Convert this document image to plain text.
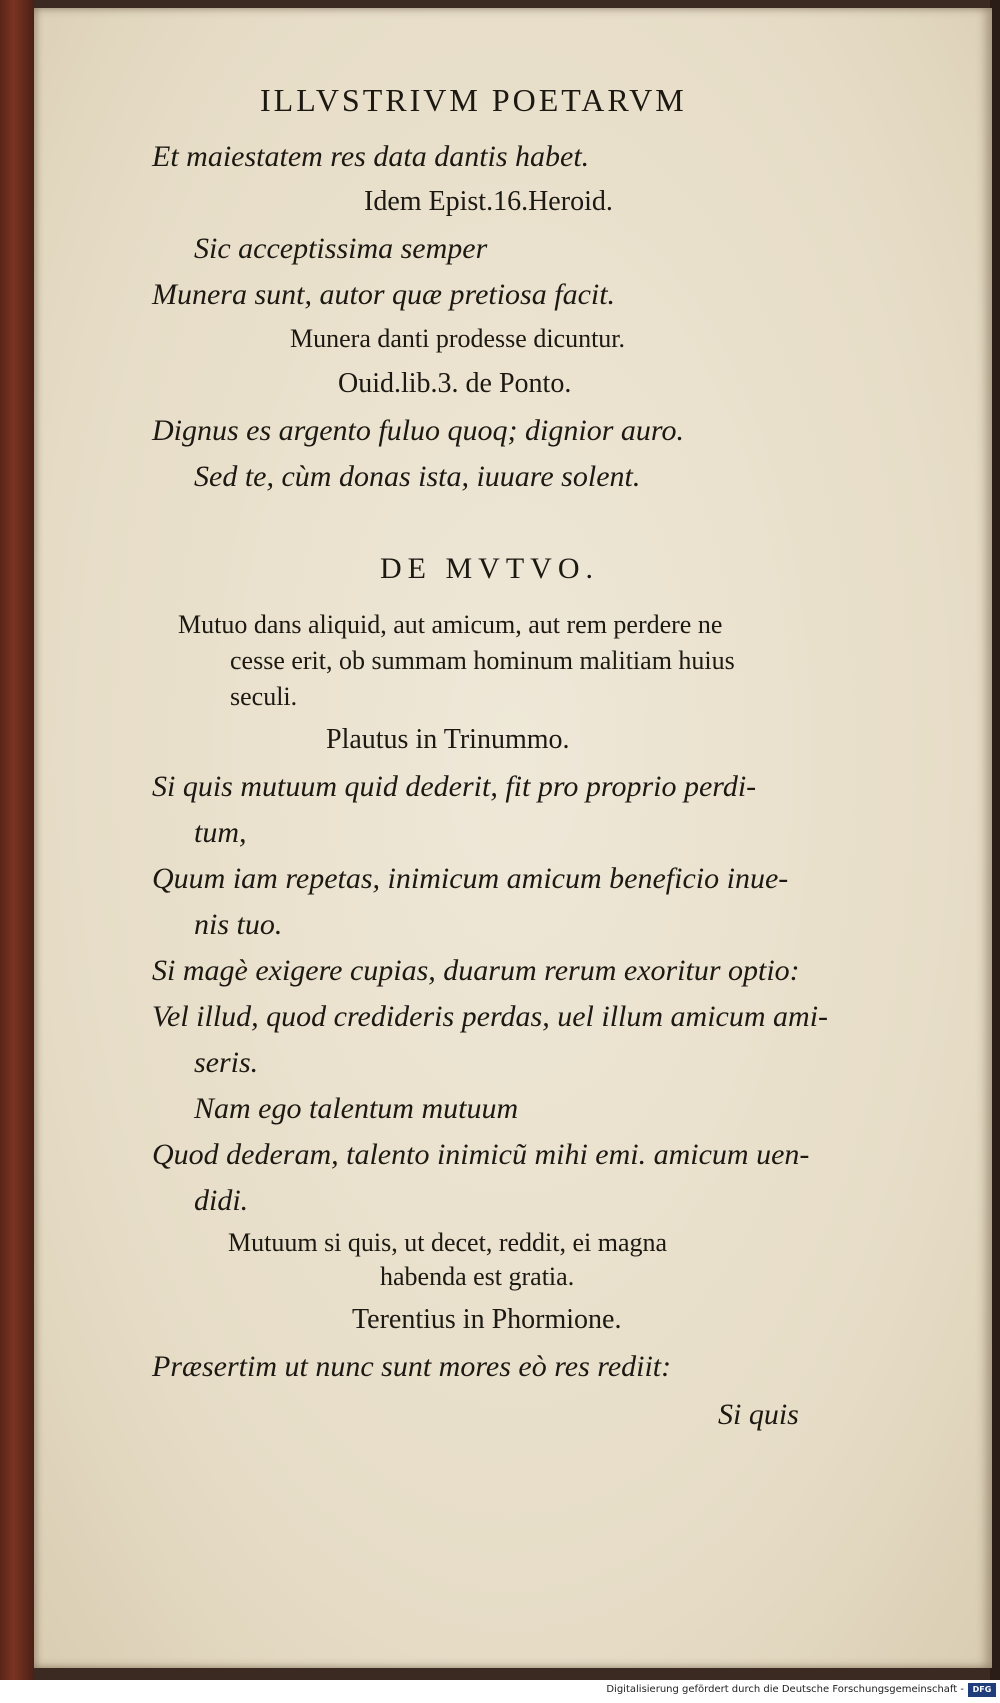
ILLVSTRIVM POETARVM
Et maiestatem res data dantis habet.
Idem Epist.16.Heroid.
Sic acceptissima semper
Munera sunt, autor quæ pretiosa facit.
Munera danti prodesse dicuntur.
Ouid.lib.3. de Ponto.
Dignus es argento fuluo quoq; dignior auro.
Sed te, cùm donas ista, iuuare solent.
DE MVTVO.
Mutuo dans aliquid, aut amicum, aut rem perdere ne
cesse erit, ob summam hominum malitiam huius
seculi.
Plautus in Trinummo.
Si quis mutuum quid dederit, fit pro proprio perdi-
tum,
Quum iam repetas, inimicum amicum beneficio inue-
nis tuo.
Si magè exigere cupias, duarum rerum exoritur optio:
Vel illud, quod credideris perdas, uel illum amicum ami-
seris.
Nam ego talentum mutuum
Quod dederam, talento inimicũ mihi emi. amicum uen-
didi.
Mutuum si quis, ut decet, reddit, ei magna
habenda est gratia.
Terentius in Phormione.
Præsertim ut nunc sunt mores eò res rediit:
Si quis
Digitalisierung gefördert durch die Deutsche Forschungsgemeinschaft -	DFG
